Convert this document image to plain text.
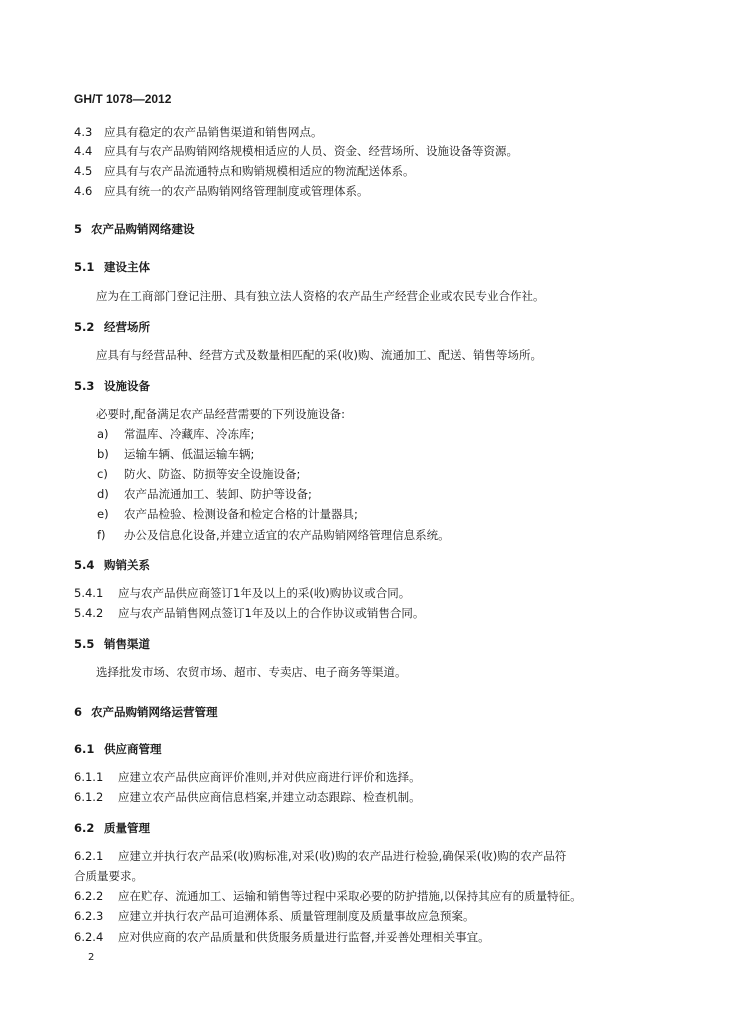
GH/T 1078—2012
4.3 应具有稳定的农产品销售渠道和销售网点。
4.4 应具有与农产品购销网络规模相适应的人员、资金、经营场所、设施设备等资源。
4.5 应具有与农产品流通特点和购销规模相适应的物流配送体系。
4.6 应具有统一的农产品购销网络管理制度或管理体系。
5 农产品购销网络建设
5.1 建设主体
应为在工商部门登记注册、具有独立法人资格的农产品生产经营企业或农民专业合作社。
5.2 经营场所
应具有与经营品种、经营方式及数量相匹配的采(收)购、流通加工、配送、销售等场所。
5.3 设施设备
必要时,配备满足农产品经营需要的下列设施设备:
a) 常温库、冷藏库、冷冻库;
b) 运输车辆、低温运输车辆;
c) 防火、防盗、防损等安全设施设备;
d) 农产品流通加工、装卸、防护等设备;
e) 农产品检验、检测设备和检定合格的计量器具;
f) 办公及信息化设备,并建立适宜的农产品购销网络管理信息系统。
5.4 购销关系
5.4.1 应与农产品供应商签订1年及以上的采(收)购协议或合同。
5.4.2 应与农产品销售网点签订1年及以上的合作协议或销售合同。
5.5 销售渠道
选择批发市场、农贸市场、超市、专卖店、电子商务等渠道。
6 农产品购销网络运营管理
6.1 供应商管理
6.1.1 应建立农产品供应商评价准则,并对供应商进行评价和选择。
6.1.2 应建立农产品供应商信息档案,并建立动态跟踪、检查机制。
6.2 质量管理
6.2.1 应建立并执行农产品采(收)购标准,对采(收)购的农产品进行检验,确保采(收)购的农产品符
合质量要求。
6.2.2 应在贮存、流通加工、运输和销售等过程中采取必要的防护措施,以保持其应有的质量特征。
6.2.3 应建立并执行农产品可追溯体系、质量管理制度及质量事故应急预案。
6.2.4 应对供应商的农产品质量和供货服务质量进行监督,并妥善处理相关事宜。
2
